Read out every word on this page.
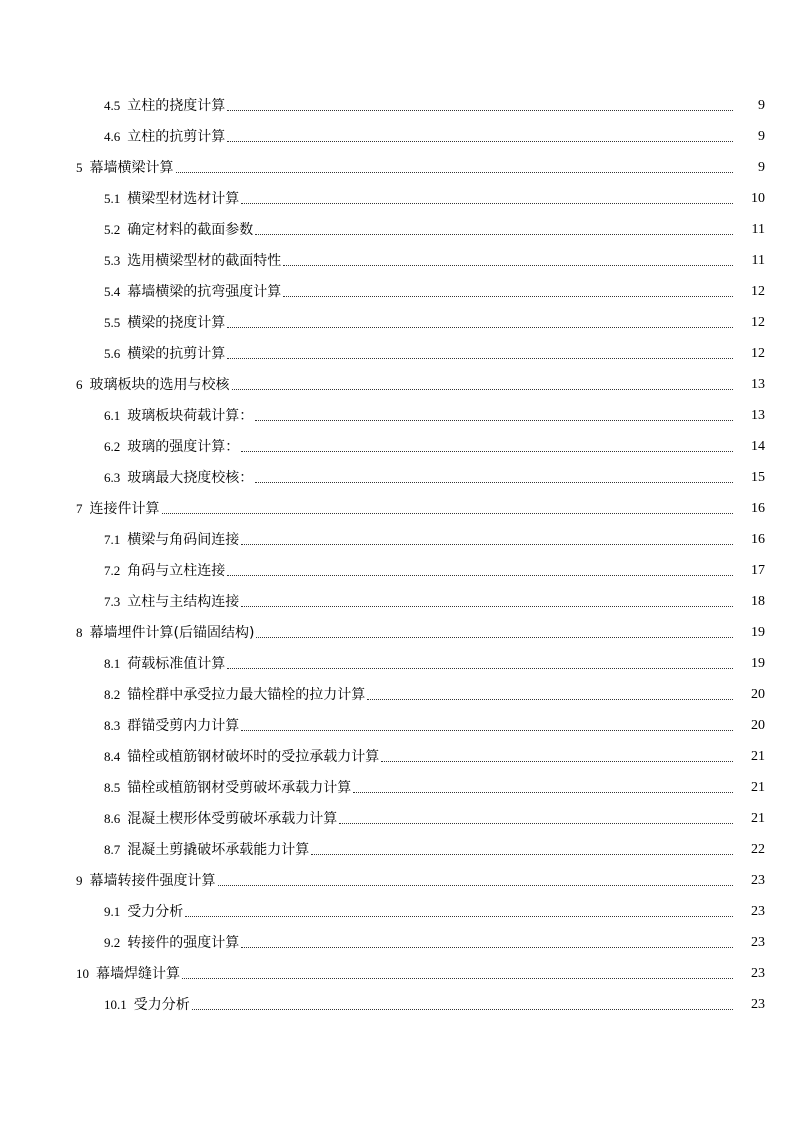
4.5 立柱的挠度计算	9
4.6 立柱的抗剪计算	9
5 幕墙横梁计算	9
5.1 横梁型材选材计算	10
5.2 确定材料的截面参数	11
5.3 选用横梁型材的截面特性	11
5.4 幕墙横梁的抗弯强度计算	12
5.5 横梁的挠度计算	12
5.6 横梁的抗剪计算	12
6 玻璃板块的选用与校核	13
6.1 玻璃板块荷载计算：	13
6.2 玻璃的强度计算：	14
6.3 玻璃最大挠度校核：	15
7 连接件计算	16
7.1 横梁与角码间连接	16
7.2 角码与立柱连接	17
7.3 立柱与主结构连接	18
8 幕墙埋件计算(后锚固结构)	19
8.1 荷载标准值计算	19
8.2 锚栓群中承受拉力最大锚栓的拉力计算	20
8.3 群锚受剪内力计算	20
8.4 锚栓或植筋钢材破坏时的受拉承载力计算	21
8.5 锚栓或植筋钢材受剪破坏承载力计算	21
8.6 混凝土楔形体受剪破坏承载力计算	21
8.7 混凝土剪撬破坏承载能力计算	22
9 幕墙转接件强度计算	23
9.1 受力分析	23
9.2 转接件的强度计算	23
10 幕墙焊缝计算	23
10.1 受力分析	23
